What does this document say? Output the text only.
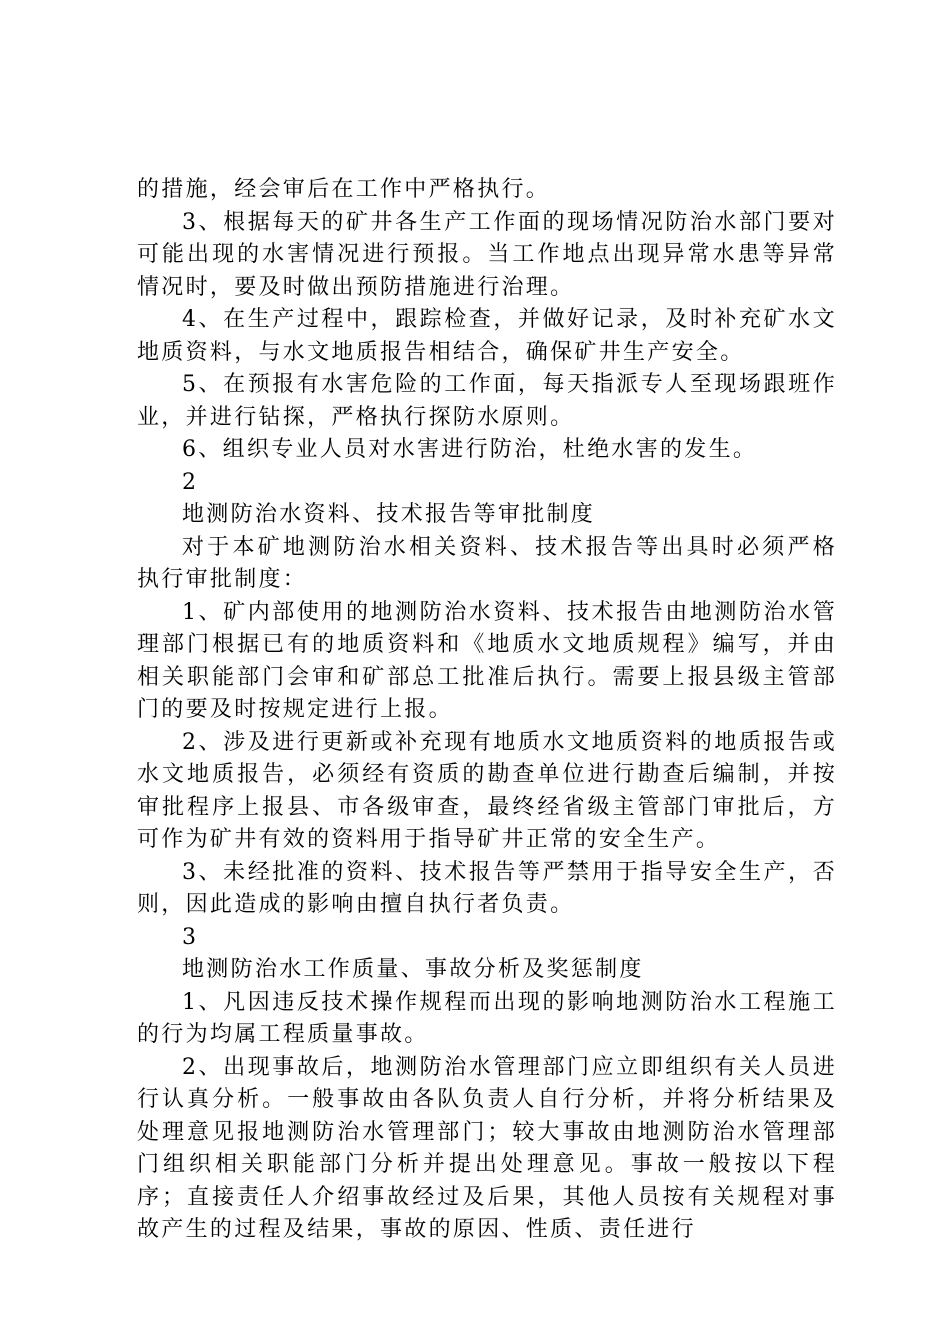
的措施，经会审后在工作中严格执行。

3、根据每天的矿井各生产工作面的现场情况防治水部门要对可能出现的水害情况进行预报。当工作地点出现异常水患等异常情况时，要及时做出预防措施进行治理。

4、在生产过程中，跟踪检查，并做好记录，及时补充矿水文地质资料，与水文地质报告相结合，确保矿井生产安全。

5、在预报有水害危险的工作面，每天指派专人至现场跟班作业，并进行钻探，严格执行探防水原则。

6、组织专业人员对水害进行防治，杜绝水害的发生。

2

地测防治水资料、技术报告等审批制度

对于本矿地测防治水相关资料、技术报告等出具时必须严格执行审批制度：

1、矿内部使用的地测防治水资料、技术报告由地测防治水管理部门根据已有的地质资料和《地质水文地质规程》编写，并由相关职能部门会审和矿部总工批准后执行。需要上报县级主管部门的要及时按规定进行上报。

2、涉及进行更新或补充现有地质水文地质资料的地质报告或水文地质报告，必须经有资质的勘查单位进行勘查后编制，并按审批程序上报县、市各级审查，最终经省级主管部门审批后，方可作为矿井有效的资料用于指导矿井正常的安全生产。

3、未经批准的资料、技术报告等严禁用于指导安全生产，否则，因此造成的影响由擅自执行者负责。

3

地测防治水工作质量、事故分析及奖惩制度

1、凡因违反技术操作规程而出现的影响地测防治水工程施工的行为均属工程质量事故。

2、出现事故后，地测防治水管理部门应立即组织有关人员进行认真分析。一般事故由各队负责人自行分析，并将分析结果及处理意见报地测防治水管理部门；较大事故由地测防治水管理部门组织相关职能部门分析并提出处理意见。事故一般按以下程序；直接责任人介绍事故经过及后果，其他人员按有关规程对事故产生的过程及结果，事故的原因、性质、责任进行
